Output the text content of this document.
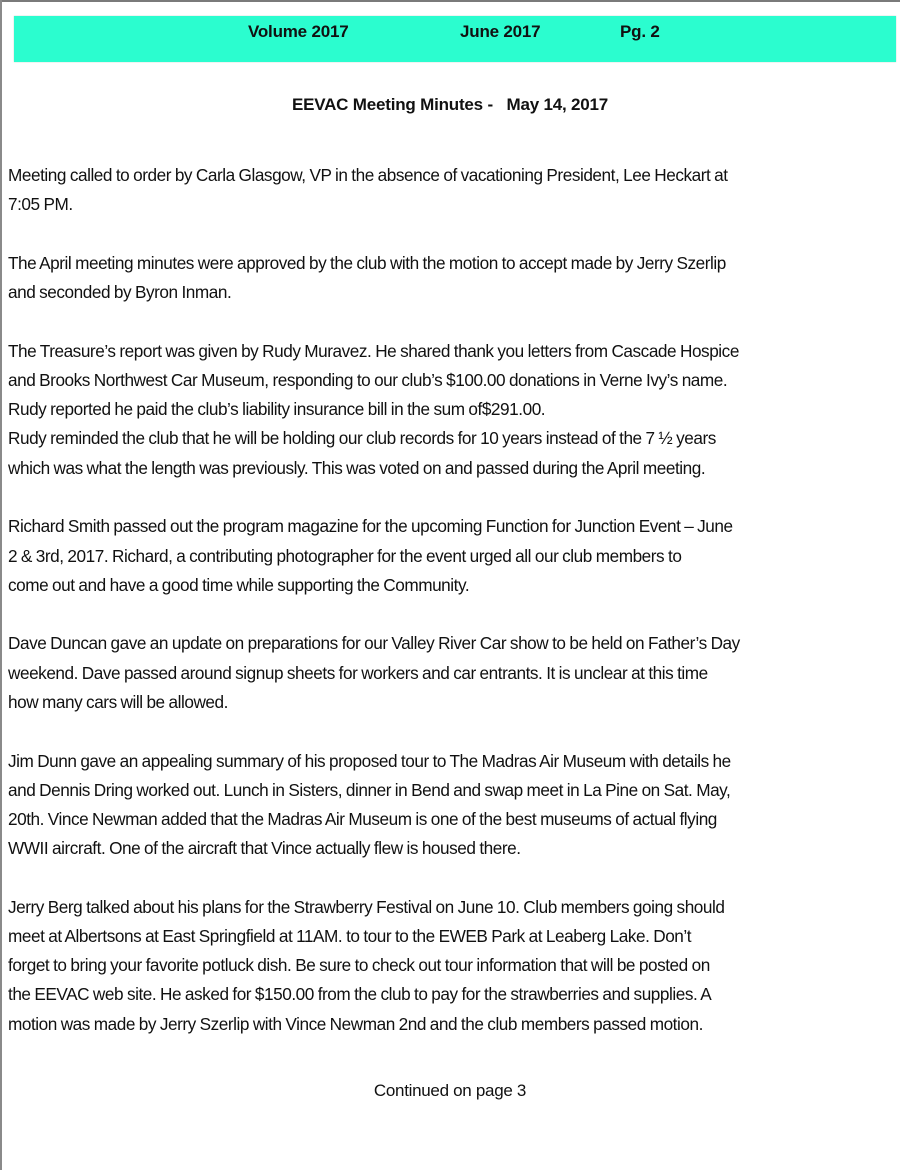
Volume 2017	June 2017	Pg. 2
EEVAC Meeting Minutes -   May 14, 2017

Meeting called to order by Carla Glasgow, VP in the absence of vacationing President, Lee Heckart at
7:05 PM.

The April meeting minutes were approved by the club with the motion to accept made by Jerry Szerlip
and seconded by Byron Inman.

The Treasure’s report was given by Rudy Muravez. He shared thank you letters from Cascade Hospice
and Brooks Northwest Car Museum, responding to our club’s $100.00 donations in Verne Ivy’s name.
Rudy reported he paid the club’s liability insurance bill in the sum of$291.00.
Rudy reminded the club that he will be holding our club records for 10 years instead of the 7 ½ years
which was what the length was previously. This was voted on and passed during the April meeting.

Richard Smith passed out the program magazine for the upcoming Function for Junction Event – June
2 & 3rd, 2017. Richard, a contributing photographer for the event urged all our club members to
come out and have a good time while supporting the Community.

Dave Duncan gave an update on preparations for our Valley River Car show to be held on Father’s Day
weekend. Dave passed around signup sheets for workers and car entrants. It is unclear at this time
how many cars will be allowed.

Jim Dunn gave an appealing summary of his proposed tour to The Madras Air Museum with details he
and Dennis Dring worked out. Lunch in Sisters, dinner in Bend and swap meet in La Pine on Sat. May,
20th. Vince Newman added that the Madras Air Museum is one of the best museums of actual flying
WWII aircraft. One of the aircraft that Vince actually flew is housed there.

Jerry Berg talked about his plans for the Strawberry Festival on June 10. Club members going should
meet at Albertsons at East Springfield at 11AM. to tour to the EWEB Park at Leaberg Lake. Don’t
forget to bring your favorite potluck dish. Be sure to check out tour information that will be posted on
the EEVAC web site. He asked for $150.00 from the club to pay for the strawberries and supplies. A
motion was made by Jerry Szerlip with Vince Newman 2nd and the club members passed motion.

Continued on page 3
